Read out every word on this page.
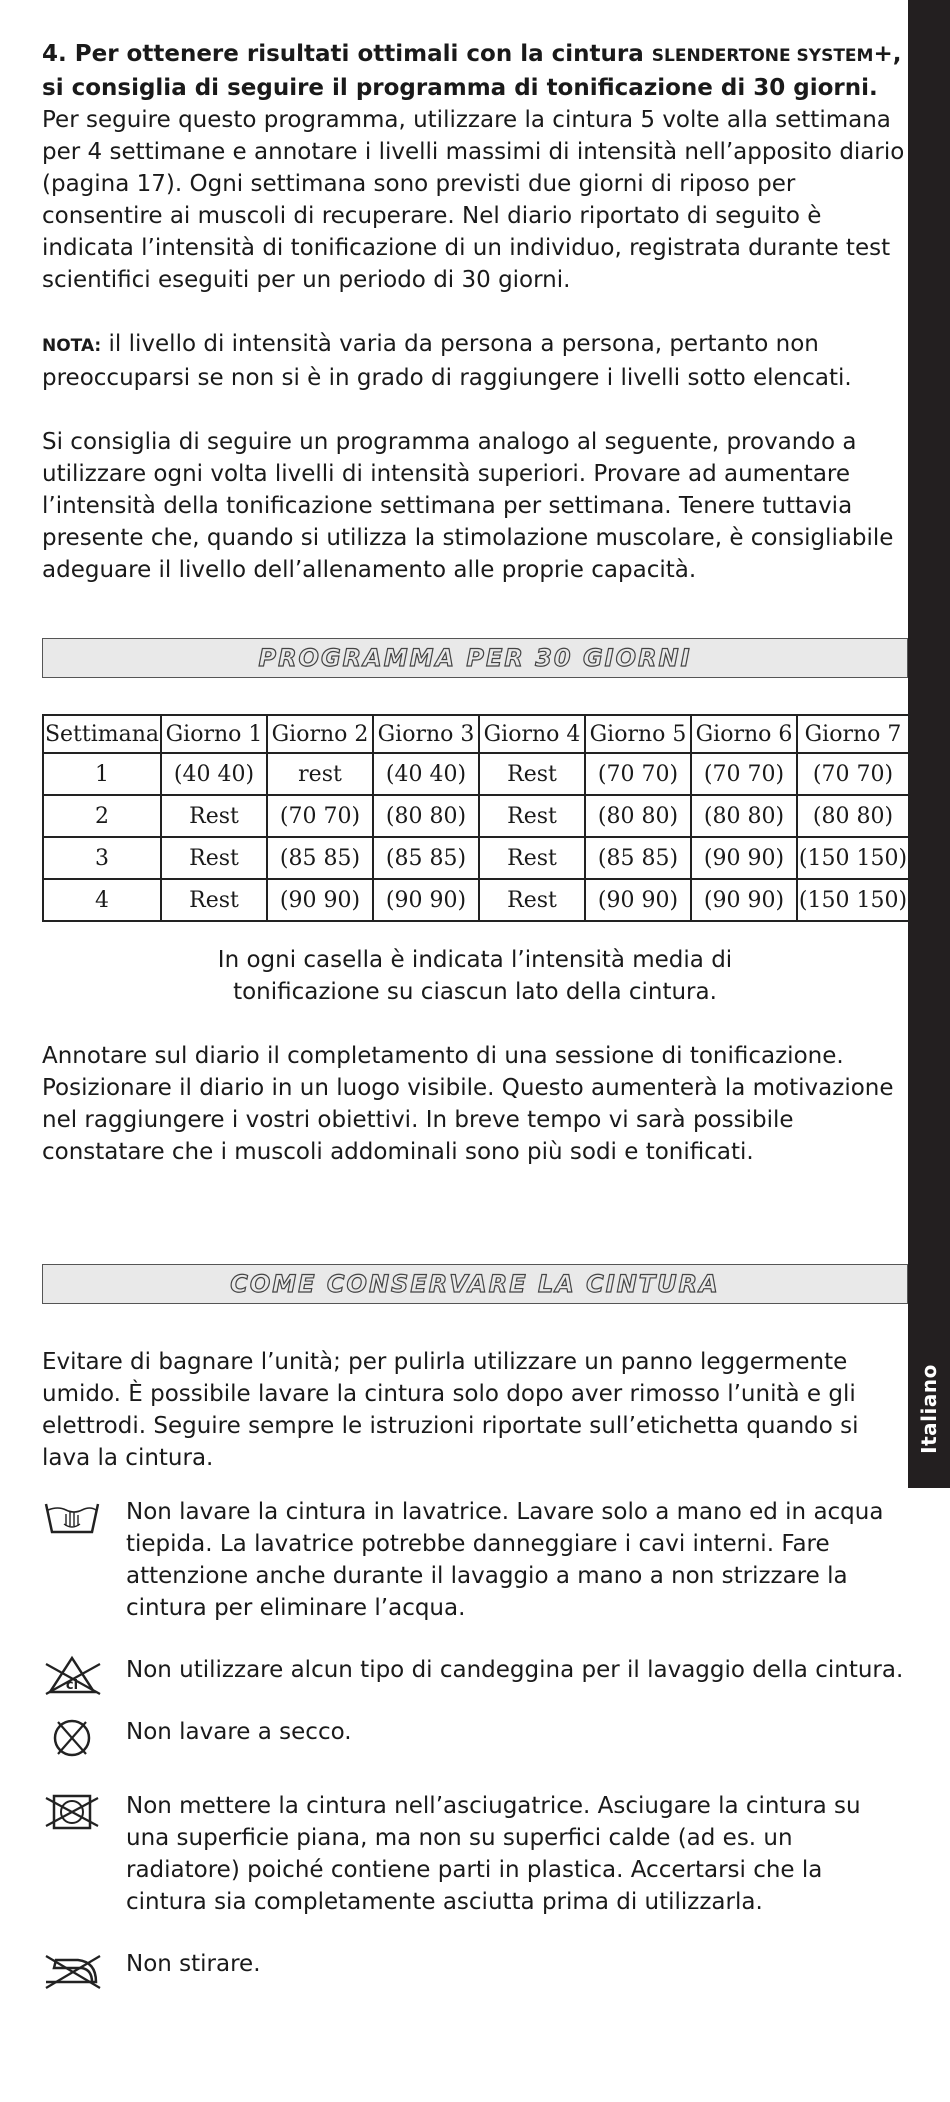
Italiano

4. Per ottenere risultati ottimali con la cintura SLENDERTONE SYSTEM+, si consiglia di seguire il programma di tonificazione di 30 giorni. Per seguire questo programma, utilizzare la cintura 5 volte alla settimana per 4 settimane e annotare i livelli massimi di intensità nell’apposito diario (pagina 17). Ogni settimana sono previsti due giorni di riposo per consentire ai muscoli di recuperare. Nel diario riportato di seguito è indicata l’intensità di tonificazione di un individuo, registrata durante test scientifici eseguiti per un periodo di 30 giorni.

NOTA: il livello di intensità varia da persona a persona, pertanto non preoccuparsi se non si è in grado di raggiungere i livelli sotto elencati.

Si consiglia di seguire un programma analogo al seguente, provando a utilizzare ogni volta livelli di intensità superiori. Provare ad aumentare l’intensità della tonificazione settimana per settimana. Tenere tuttavia presente che, quando si utilizza la stimolazione muscolare, è consigliabile adeguare il livello dell’allenamento alle proprie capacità.

PROGRAMMA PER 30 GIORNI
Settimana	Giorno 1	Giorno 2	Giorno 3	Giorno 4	Giorno 5	Giorno 6	Giorno 7
1	(40 40)	rest	(40 40)	Rest	(70 70)	(70 70)	(70 70)
2	Rest	(70 70)	(80 80)	Rest	(80 80)	(80 80)	(80 80)
3	Rest	(85 85)	(85 85)	Rest	(85 85)	(90 90)	(150 150)
4	Rest	(90 90)	(90 90)	Rest	(90 90)	(90 90)	(150 150)

In ogni casella è indicata l’intensità media di
tonificazione su ciascun lato della cintura.

Annotare sul diario il completamento di una sessione di tonificazione. Posizionare il diario in un luogo visibile. Questo aumenterà la motivazione nel raggiungere i vostri obiettivi. In breve tempo vi sarà possibile constatare che i muscoli addominali sono più sodi e tonificati.

COME CONSERVARE LA CINTURA

Evitare di bagnare l’unità; per pulirla utilizzare un panno leggermente umido. È possibile lavare la cintura solo dopo aver rimosso l’unità e gli elettrodi. Seguire sempre le istruzioni riportate sull’etichetta quando si lava la cintura.

Non lavare la cintura in lavatrice. Lavare solo a mano ed in acqua tiepida. La lavatrice potrebbe danneggiare i cavi interni. Fare attenzione anche durante il lavaggio a mano a non strizzare la cintura per eliminare l’acqua.

cl

Non utilizzare alcun tipo di candeggina per il lavaggio della cintura.

Non lavare a secco.

Non mettere la cintura nell’asciugatrice. Asciugare la cintura su una superficie piana, ma non su superfici calde (ad es. un radiatore) poiché contiene parti in plastica. Accertarsi che la cintura sia completamente asciutta prima di utilizzarla.

Non stirare.
